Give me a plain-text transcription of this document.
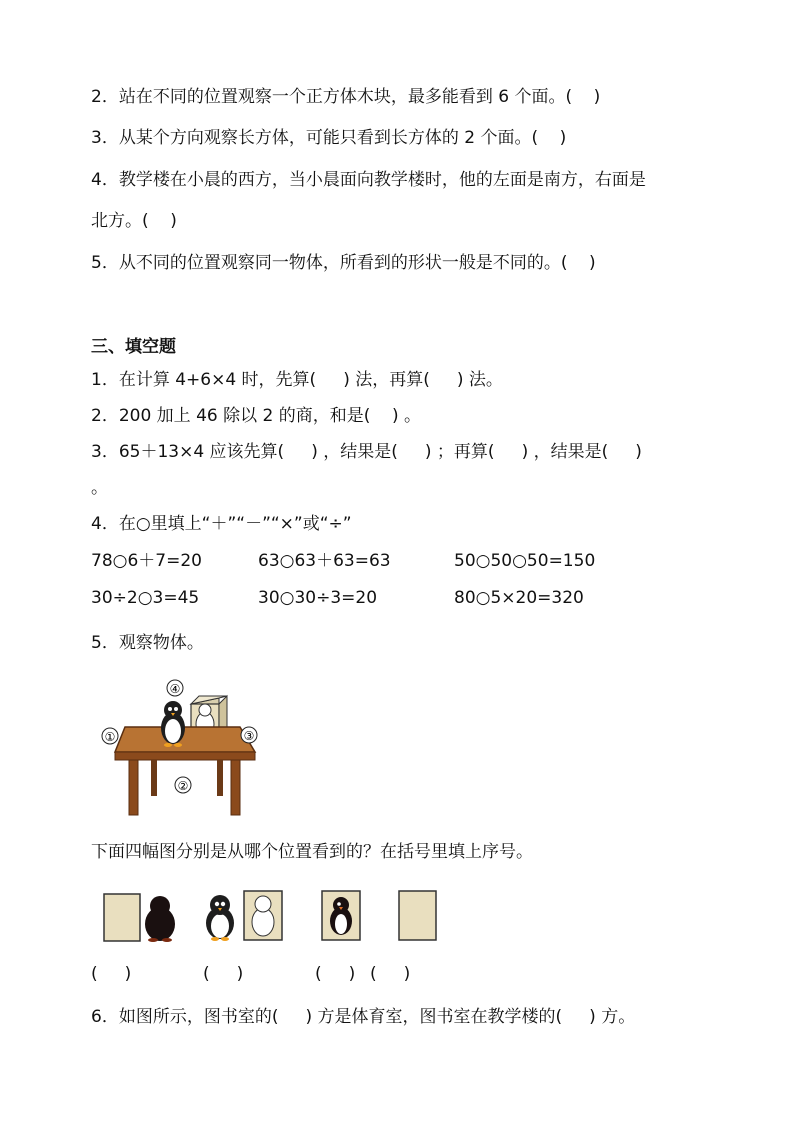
2．站在不同的位置观察一个正方体木块，最多能看到 6 个面。(    )
3．从某个方向观察长方体，可能只看到长方体的 2 个面。(    )
4．教学楼在小晨的西方，当小晨面向教学楼时，他的左面是南方，右面是
北方。(    )
5．从不同的位置观察同一物体，所看到的形状一般是不同的。(    )
三、填空题
1．在计算 4+6×4 时，先算(     ) 法，再算(     ) 法。
2．200 加上 46 除以 2 的商，和是(    ) 。
3．65＋13×4 应该先算(     ) ，结果是(     ) ；再算(     ) ，结果是(     )
。
4．在○里填上“＋”“－”“×”或“÷”
78○6＋7=20	63○63＋63=63	50○50○50=150
30÷2○3=45	30○30÷3=20	80○5×20=320
5．观察物体。
①
②
③
④
下面四幅图分别是从哪个位置看到的？在括号里填上序号。
(     )	(     )	(     ) (     )
6．如图所示，图书室的(     ) 方是体育室，图书室在教学楼的(     ) 方。
